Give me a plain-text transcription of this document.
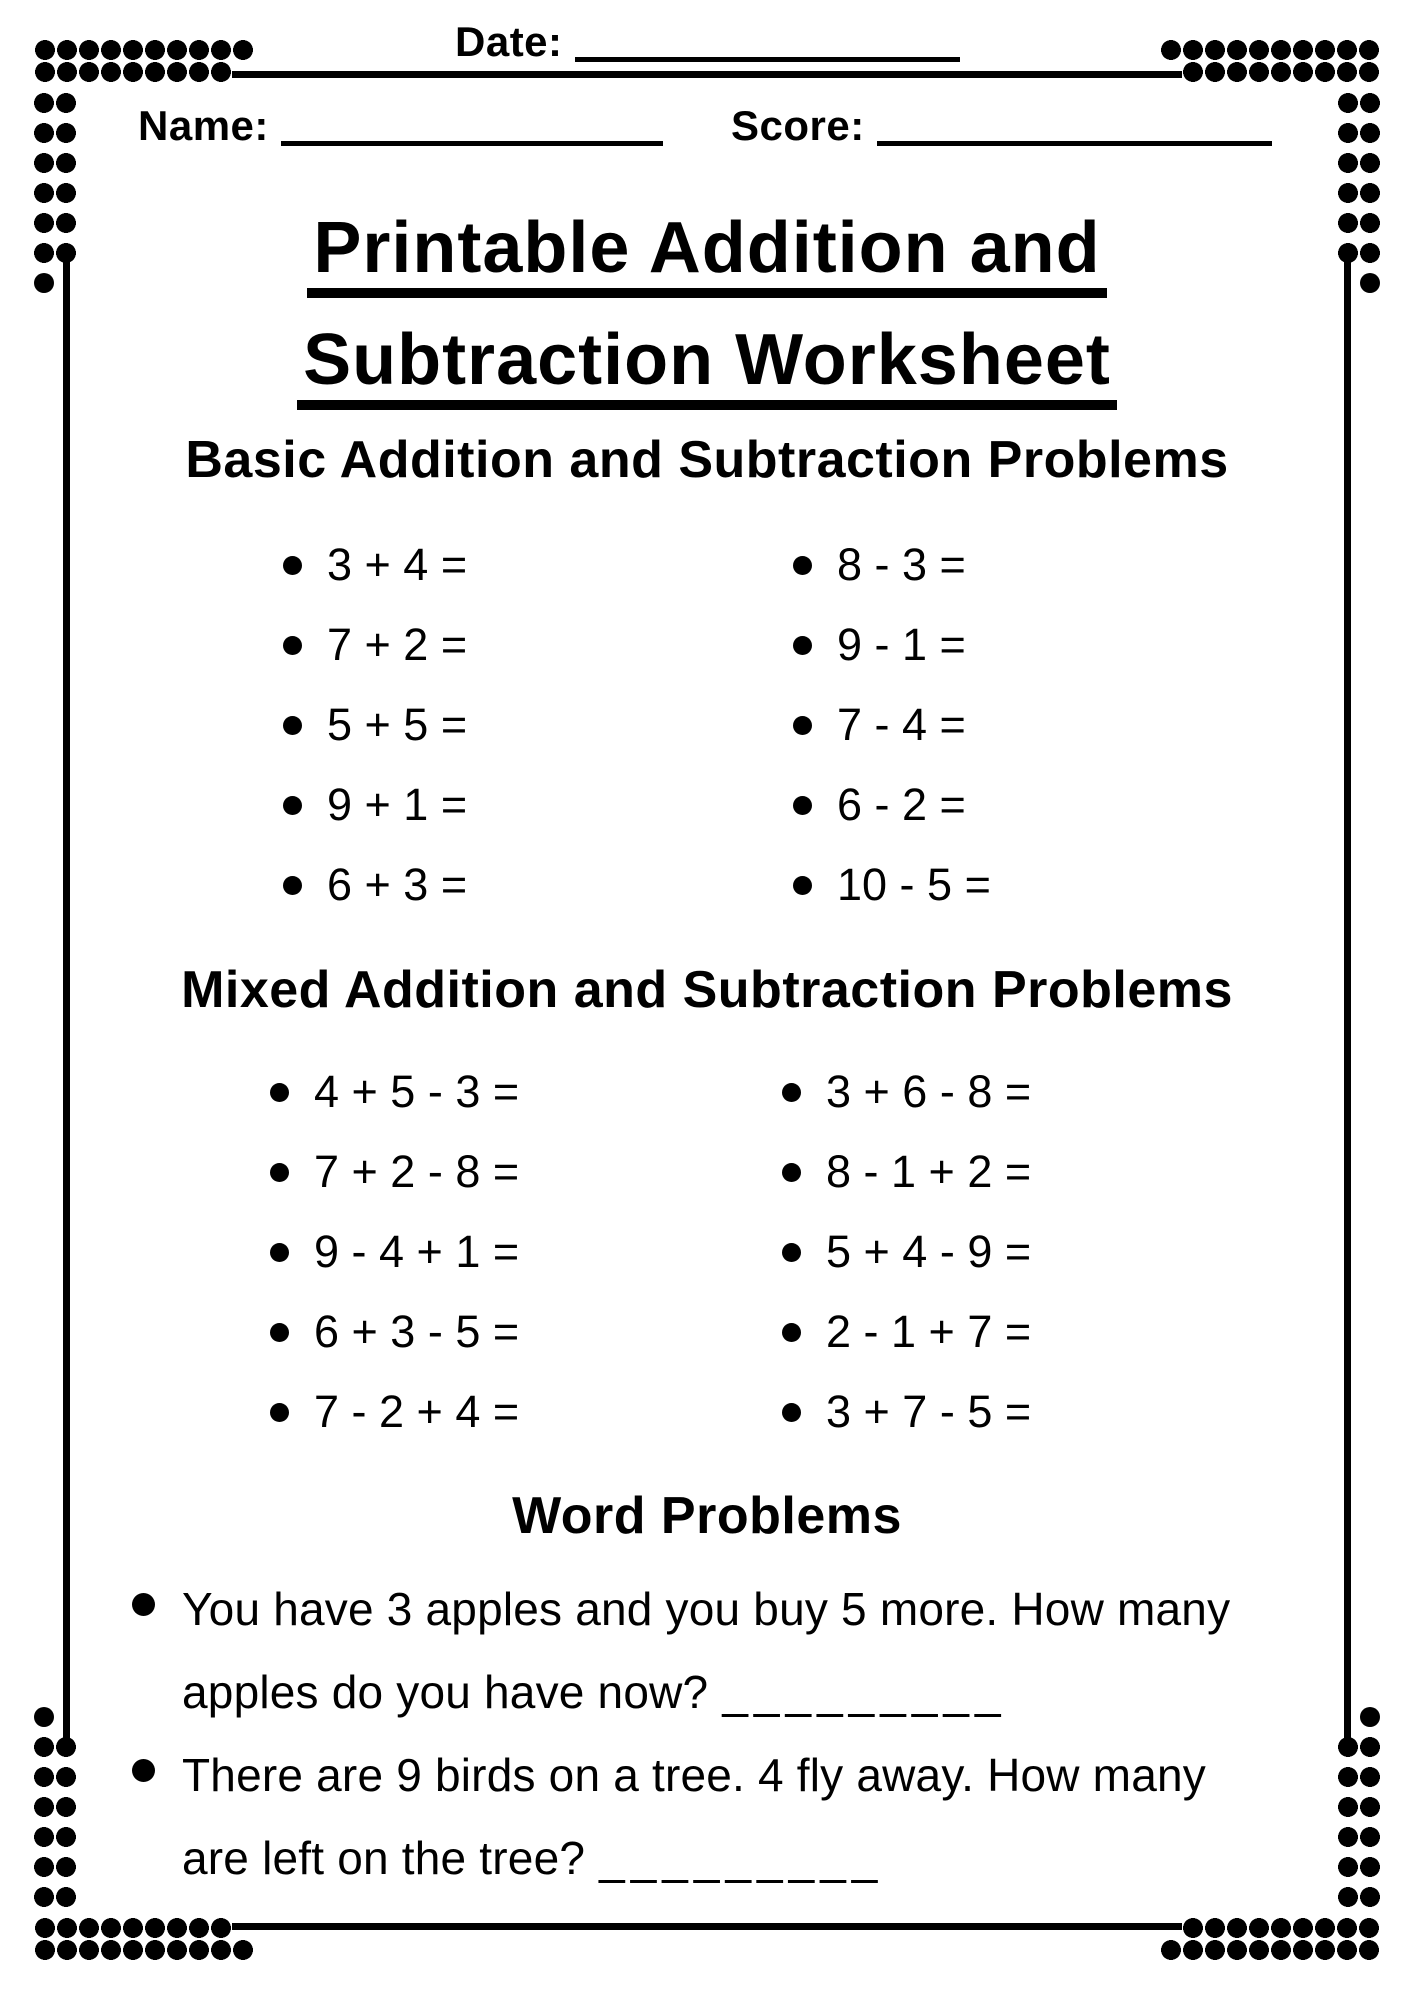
Date:
Name:	Score:
Printable Addition and
Subtraction Worksheet
Basic Addition and Subtraction Problems
3 + 4 =	8 - 3 =
7 + 2 =	9 - 1 =
5 + 5 =	7 - 4 =
9 + 1 =	6 - 2 =
6 + 3 =	10 - 5 =
Mixed Addition and Subtraction Problems
4 + 5 - 3 =	3 + 6 - 8 =
7 + 2 - 8 =	8 - 1 + 2 =
9 - 4 + 1 =	5 + 4 - 9 =
6 + 3 - 5 =	2 - 1 + 7 =
7 - 2 + 4 =	3 + 7 - 5 =
Word Problems
You have 3 apples and you buy 5 more. How many
apples do you have now? _________
There are 9 birds on a tree. 4 fly away. How many
are left on the tree? _________
